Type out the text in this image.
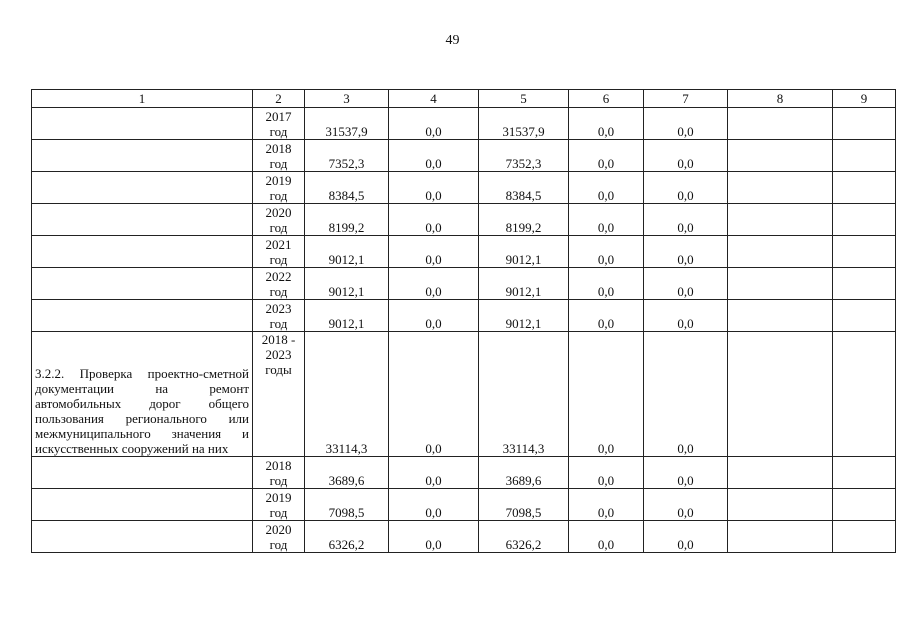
49
1	2	3	4	5	6	7	8	9
	2017 год	31537,9	0,0	31537,9	0,0	0,0		
	2018 год	7352,3	0,0	7352,3	0,0	0,0		
	2019 год	8384,5	0,0	8384,5	0,0	0,0		
	2020 год	8199,2	0,0	8199,2	0,0	0,0		
	2021 год	9012,1	0,0	9012,1	0,0	0,0		
	2022 год	9012,1	0,0	9012,1	0,0	0,0		
	2023 год	9012,1	0,0	9012,1	0,0	0,0		
3.2.2. Проверка проектно-сметной документации на ремонт автомобильных дорог общего пользования регионального или межмуниципального значения и искусственных сооружений на них	2018 - 2023 годы	33114,3	0,0	33114,3	0,0	0,0		
	2018 год	3689,6	0,0	3689,6	0,0	0,0		
	2019 год	7098,5	0,0	7098,5	0,0	0,0		
	2020 год	6326,2	0,0	6326,2	0,0	0,0		
